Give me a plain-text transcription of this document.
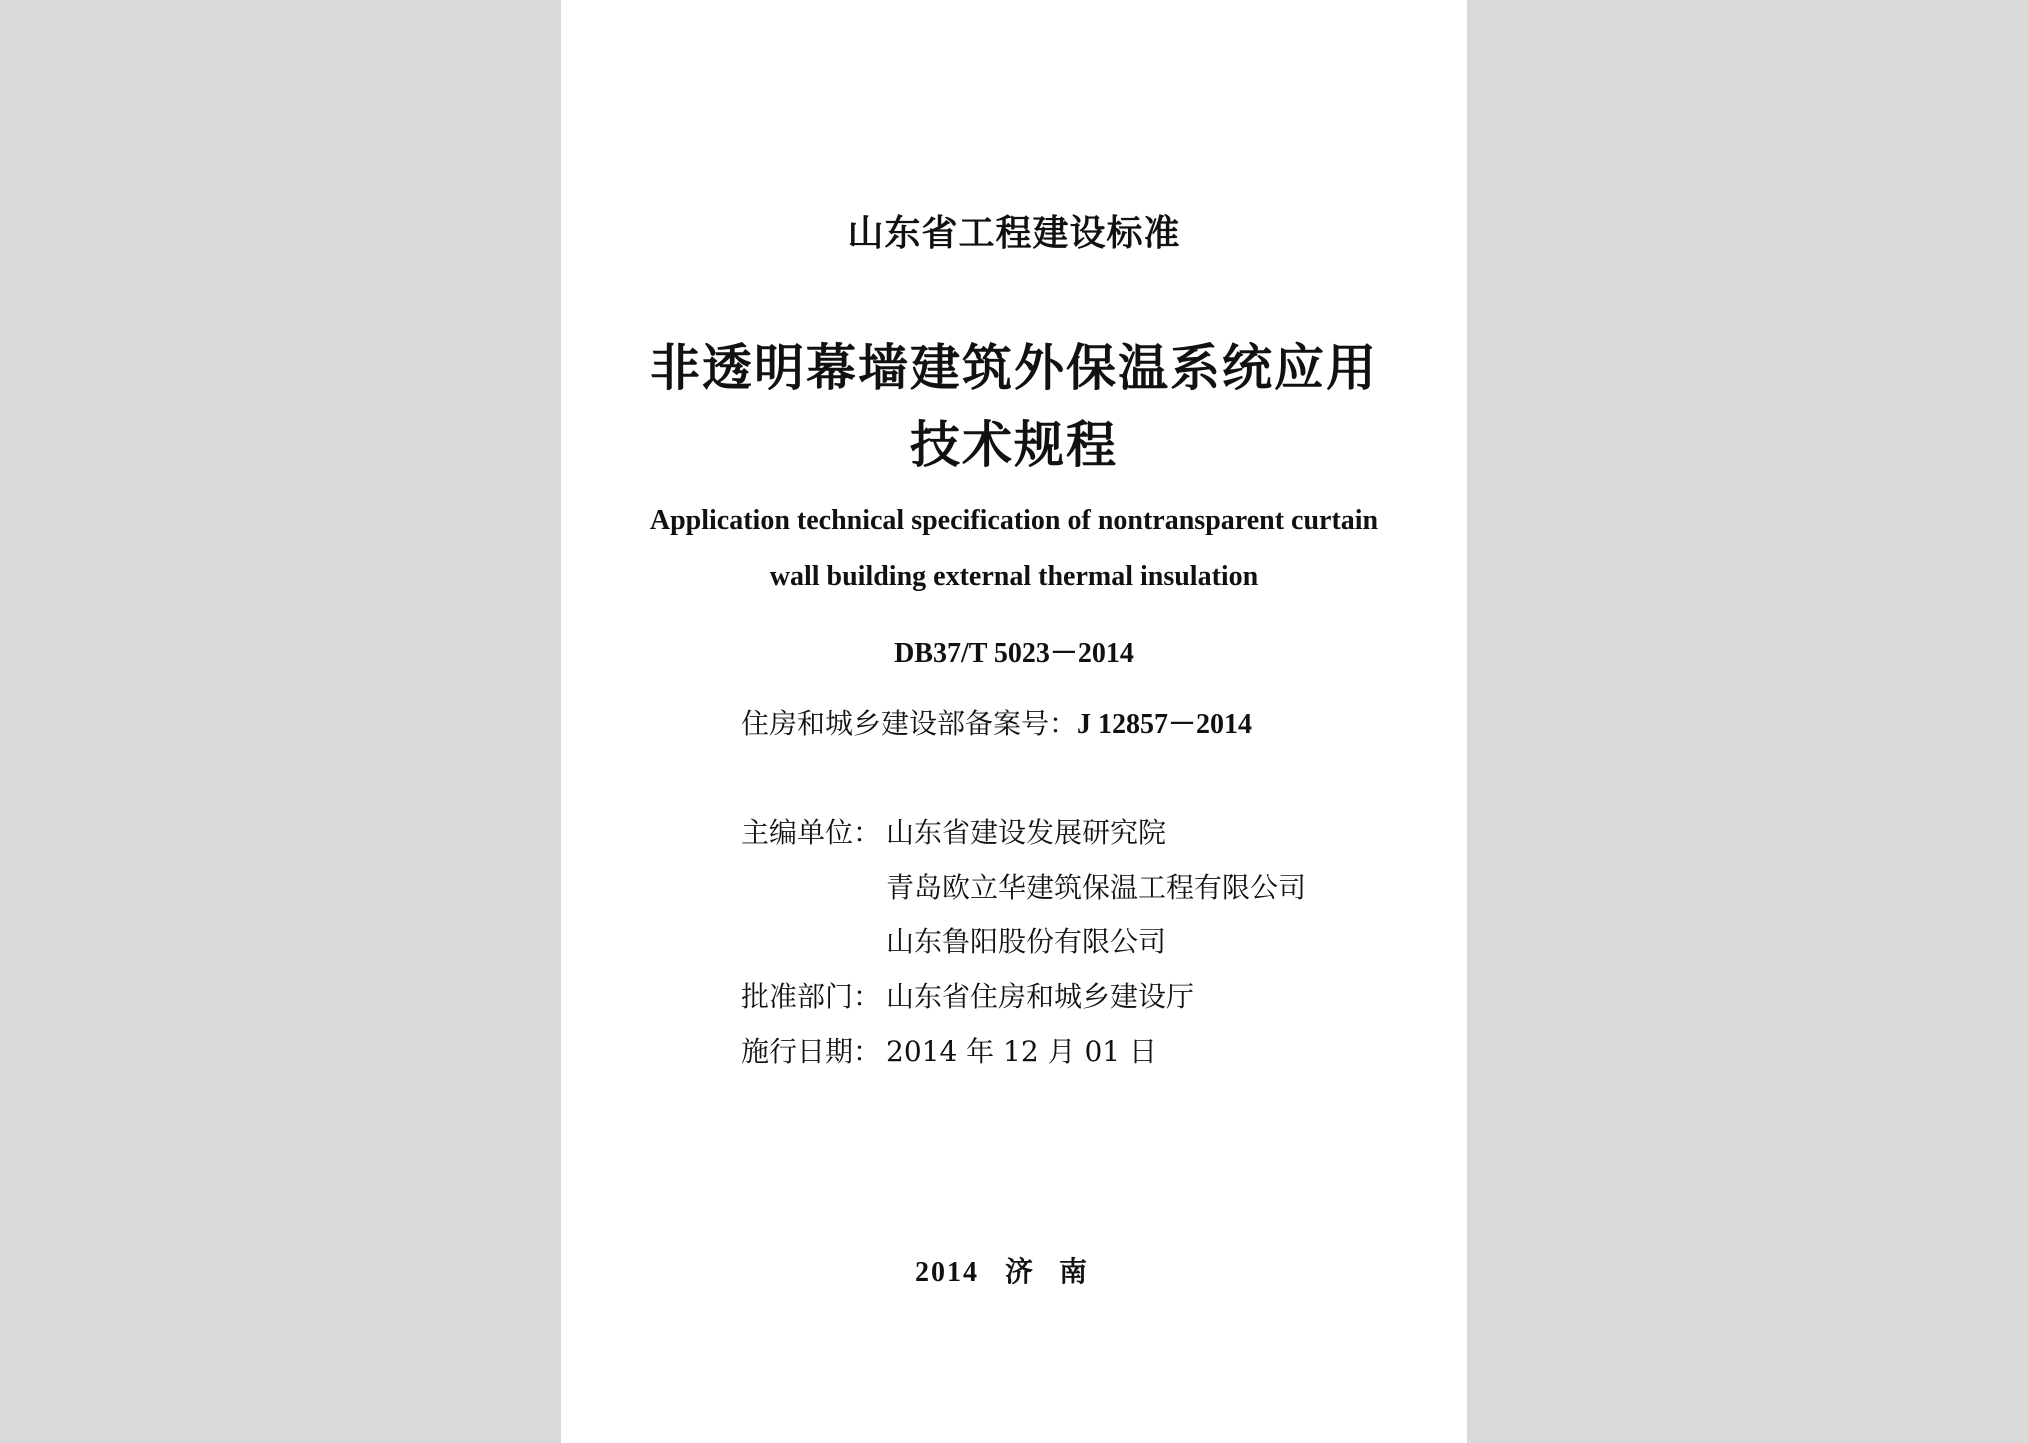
山东省工程建设标准
非透明幕墙建筑外保温系统应用
技术规程
Application technical specification of nontransparent curtain
wall building external thermal insulation
DB37/T 5023－2014
住房和城乡建设部备案号：J 12857－2014
主编单位： 山东省建设发展研究院
青岛欧立华建筑保温工程有限公司
山东鲁阳股份有限公司
批准部门： 山东省住房和城乡建设厅
施行日期： 2014 年 12 月 01 日
2014 济南
